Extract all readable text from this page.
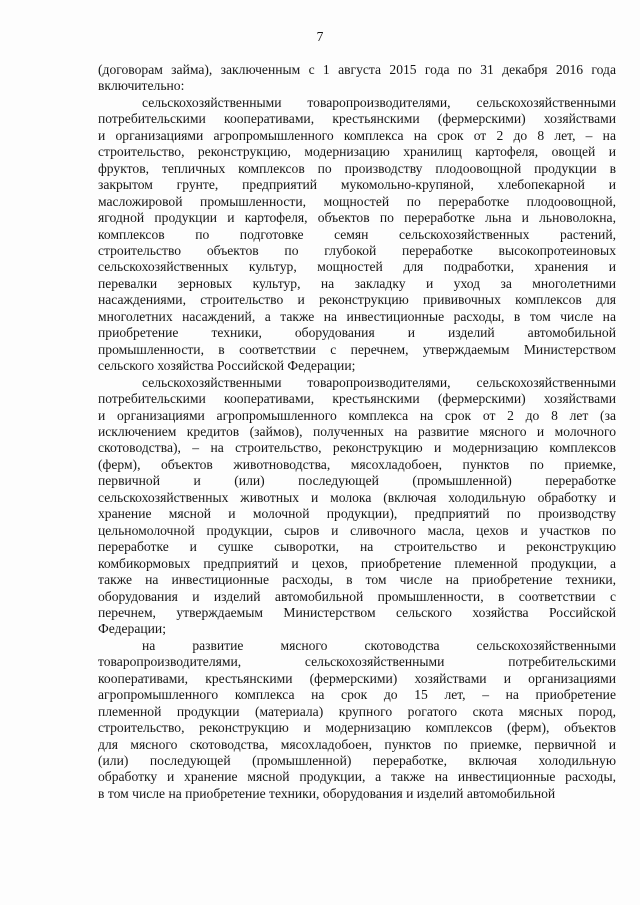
7
(договорам займа), заключенным с 1 августа 2015 года по 31 декабря 2016 года
включительно:
сельскохозяйственными товаропроизводителями, сельскохозяйственными
потребительскими кооперативами, крестьянскими (фермерскими) хозяйствами
и организациями агропромышленного комплекса на срок от 2 до 8 лет, – на
строительство, реконструкцию, модернизацию хранилищ картофеля, овощей и
фруктов, тепличных комплексов по производству плодоовощной продукции в
закрытом грунте, предприятий мукомольно-крупяной, хлебопекарной и
масложировой промышленности, мощностей по переработке плодоовощной,
ягодной продукции и картофеля, объектов по переработке льна и льноволокна,
комплексов по подготовке семян сельскохозяйственных растений,
строительство объектов по глубокой переработке высокопротеиновых
сельскохозяйственных культур, мощностей для подработки, хранения и
перевалки зерновых культур, на закладку и уход за многолетними
насаждениями, строительство и реконструкцию прививочных комплексов для
многолетних насаждений, а также на инвестиционные расходы, в том числе на
приобретение техники, оборудования и изделий автомобильной
промышленности, в соответствии с перечнем, утверждаемым Министерством
сельского хозяйства Российской Федерации;
сельскохозяйственными товаропроизводителями, сельскохозяйственными
потребительскими кооперативами, крестьянскими (фермерскими) хозяйствами
и организациями агропромышленного комплекса на срок от 2 до 8 лет (за
исключением кредитов (займов), полученных на развитие мясного и молочного
скотоводства), – на строительство, реконструкцию и модернизацию комплексов
(ферм), объектов животноводства, мясохладобоен, пунктов по приемке,
первичной и (или) последующей (промышленной) переработке
сельскохозяйственных животных и молока (включая холодильную обработку и
хранение мясной и молочной продукции), предприятий по производству
цельномолочной продукции, сыров и сливочного масла, цехов и участков по
переработке и сушке сыворотки, на строительство и реконструкцию
комбикормовых предприятий и цехов, приобретение племенной продукции, а
также на инвестиционные расходы, в том числе на приобретение техники,
оборудования и изделий автомобильной промышленности, в соответствии с
перечнем, утверждаемым Министерством сельского хозяйства Российской
Федерации;
на развитие мясного скотоводства сельскохозяйственными
товаропроизводителями, сельскохозяйственными потребительскими
кооперативами, крестьянскими (фермерскими) хозяйствами и организациями
агропромышленного комплекса на срок до 15 лет, – на приобретение
племенной продукции (материала) крупного рогатого скота мясных пород,
строительство, реконструкцию и модернизацию комплексов (ферм), объектов
для мясного скотоводства, мясохладобоен, пунктов по приемке, первичной и
(или) последующей (промышленной) переработке, включая холодильную
обработку и хранение мясной продукции, а также на инвестиционные расходы,
в том числе на приобретение техники, оборудования и изделий автомобильной
